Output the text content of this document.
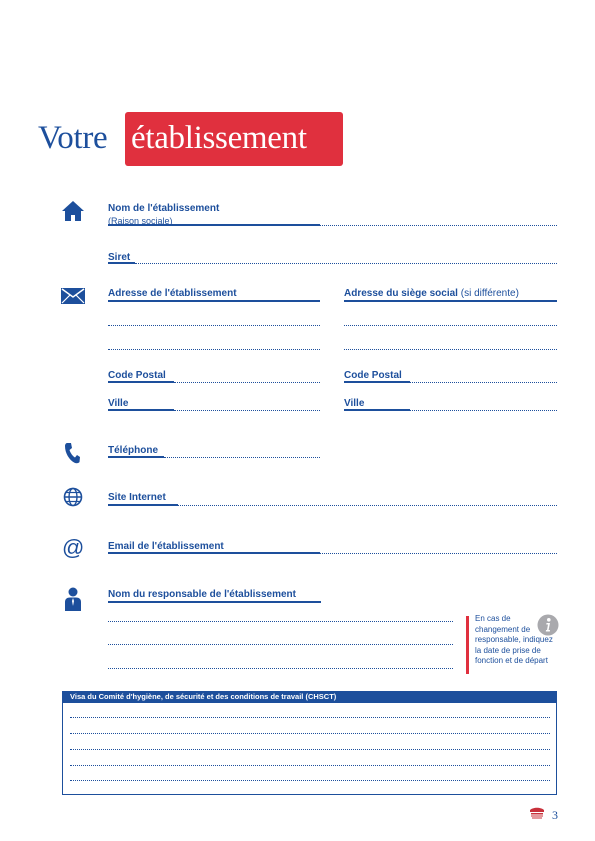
Votre établissement
Nom de l'établissement
(Raison sociale)
Siret
Adresse de l'établissement	Adresse du siège social (si différente)
Code Postal
Ville
Code Postal
Ville
Téléphone
Site Internet
@ Email de l'établissement
Nom du responsable de l'établissement
En cas de changement de responsable, indiquez la date de prise de fonction et de départ
Visa du Comité d'hygiène, de sécurité et des conditions de travail (CHSCT)
3
